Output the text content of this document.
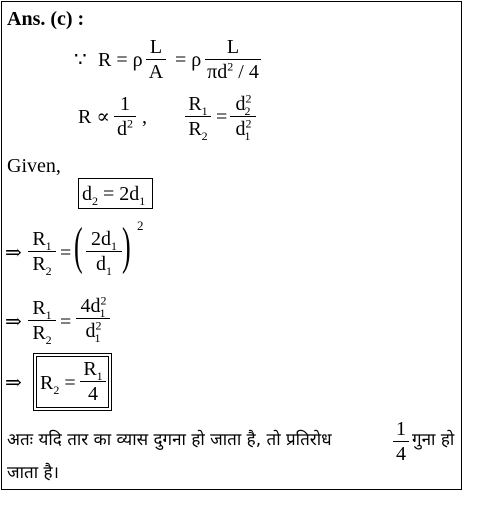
Ans. (c) :
∵ R = ρ $\frac{L}{A} = \rho \frac{L}{\pi d^2 / 4}$
$R \propto \frac{1}{d^2}$ , $\frac{R_1}{R_2} = \frac{d^2_2}{d^2_1}$
Given,
$d_2 = 2d_1$
⇒ $\frac{R_1}{R_2}$ = ( $\frac{2d_1}{d_1}$ ) 2
⇒ $\frac{R_1}{R_2} = \frac{4d^2_1}{d^2_1}$
⇒ $R_2 = \frac{R_1}{4}$
अतः यदि तार का व्यास दुगना हो जाता है, तो प्रतिरोध	$\frac{1}{4}$ गुना हो
जाता है।
